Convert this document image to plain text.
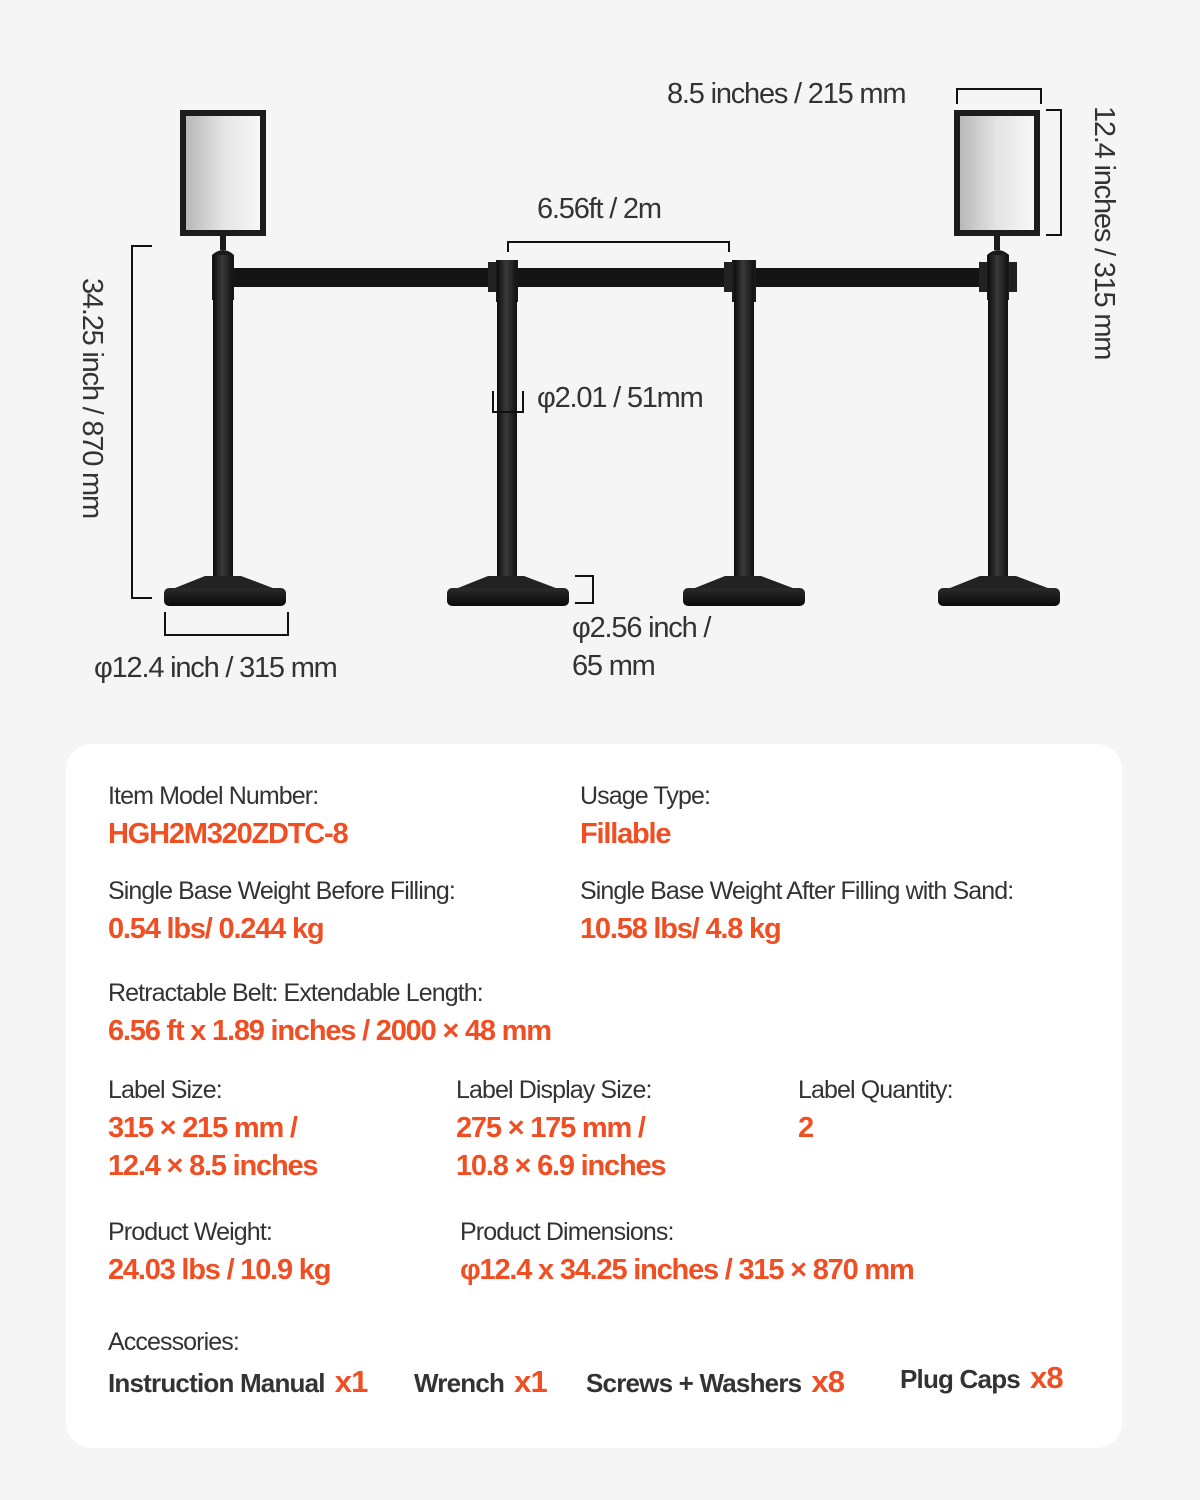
8.5 inches / 215 mm
12.4 inches / 315 mm
6.56ft / 2m
34.25 inch / 870 mm	φ2.01 / 51mm
φ12.4 inch / 315 mm
φ2.56 inch /
65 mm
Item Model Number:
HGH2M320ZDTC-8
Usage Type:
Fillable
Single Base Weight Before Filling:
0.54 lbs/ 0.244 kg
Single Base Weight After Filling with Sand:
10.58 lbs/ 4.8 kg
Retractable Belt: Extendable Length:
6.56 ft x 1.89 inches / 2000 × 48 mm
Label Size:
315 × 215 mm /
12.4 × 8.5 inches
Label Display Size:
275 × 175 mm /
10.8 × 6.9 inches
Label Quantity:
2
Product Weight:
24.03 lbs / 10.9 kg
Product Dimensions:
φ12.4 x 34.25 inches / 315 × 870 mm
Accessories:
Instruction Manual x1 Wrench x1 Screws + Washers x8 Plug Caps x8
